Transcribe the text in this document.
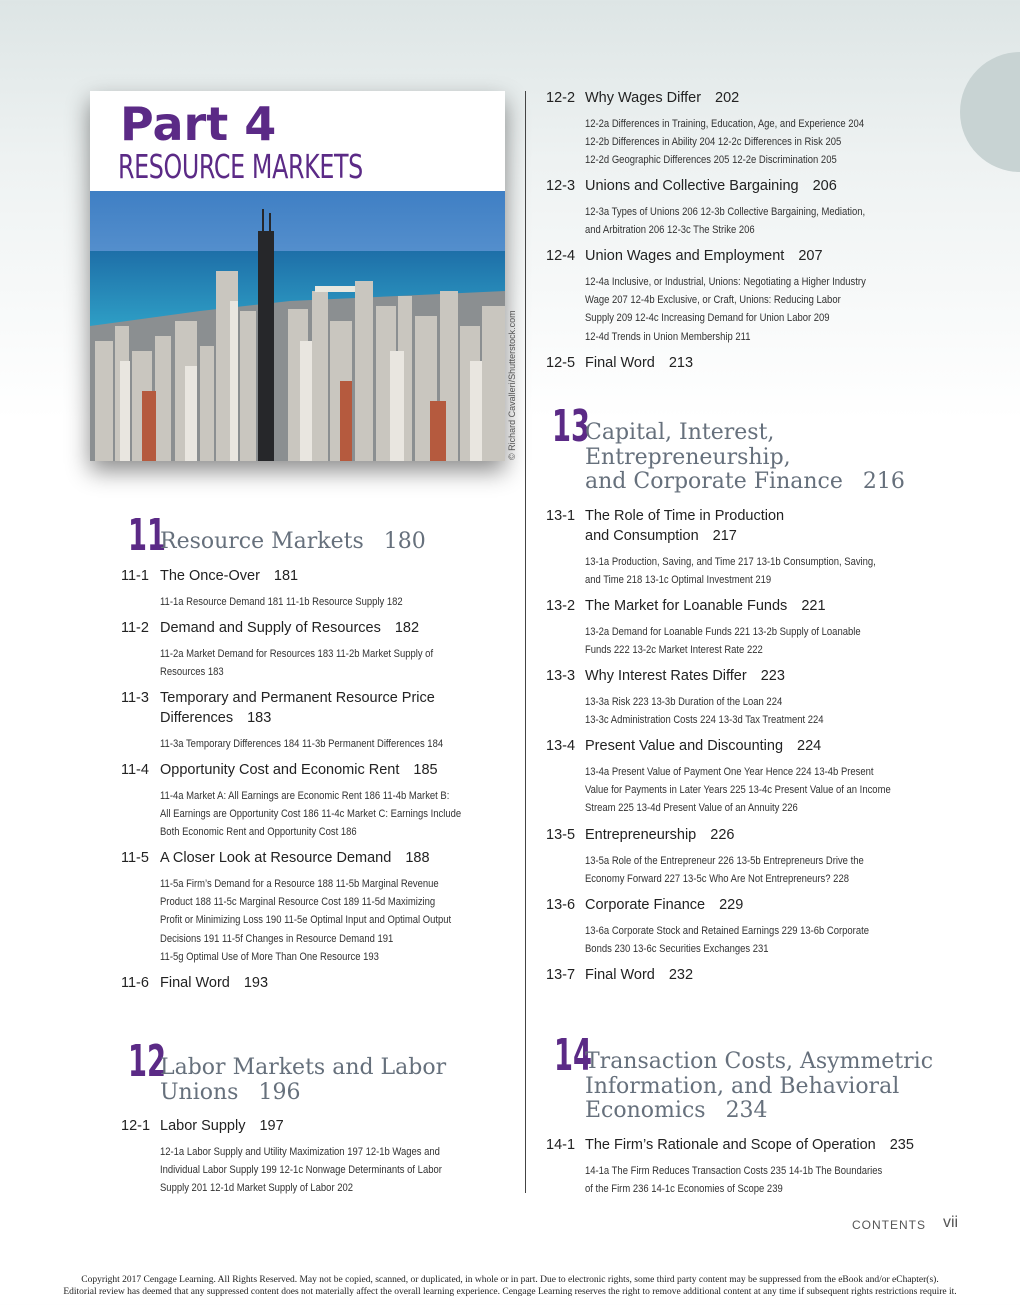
Part 4
RESOURCE MARKETS
© Richard Cavalleri/Shutterstock.com
11
Resource Markets 180
11-1 The Once-Over 181
11-1a Resource Demand 181 11-1b Resource Supply 182
11-2 Demand and Supply of Resources 182
11-2a Market Demand for Resources 183 11-2b Market Supply of
Resources 183
11-3 Temporary and Permanent Resource Price
Differences 183
11-3a Temporary Differences 184 11-3b Permanent Differences 184
11-4 Opportunity Cost and Economic Rent 185
11-4a Market A: All Earnings are Economic Rent 186 11-4b Market B:
All Earnings are Opportunity Cost 186 11-4c Market C: Earnings Include
Both Economic Rent and Opportunity Cost 186
11-5 A Closer Look at Resource Demand 188
11-5a Firm’s Demand for a Resource 188 11-5b Marginal Revenue
Product 188 11-5c Marginal Resource Cost 189 11-5d Maximizing
Profit or Minimizing Loss 190 11-5e Optimal Input and Optimal Output
Decisions 191 11-5f Changes in Resource Demand 191
11-5g Optimal Use of More Than One Resource 193
11-6 Final Word 193
12
Labor Markets and Labor
Unions 196
12-1 Labor Supply 197
12-1a Labor Supply and Utility Maximization 197 12-1b Wages and
Individual Labor Supply 199 12-1c Nonwage Determinants of Labor
Supply 201 12-1d Market Supply of Labor 202
12-2 Why Wages Differ 202
12-2a Differences in Training, Education, Age, and Experience 204
12-2b Differences in Ability 204 12-2c Differences in Risk 205
12-2d Geographic Differences 205 12-2e Discrimination 205
12-3 Unions and Collective Bargaining 206
12-3a Types of Unions 206 12-3b Collective Bargaining, Mediation,
and Arbitration 206 12-3c The Strike 206
12-4 Union Wages and Employment 207
12-4a Inclusive, or Industrial, Unions: Negotiating a Higher Industry
Wage 207 12-4b Exclusive, or Craft, Unions: Reducing Labor
Supply 209 12-4c Increasing Demand for Union Labor 209
12-4d Trends in Union Membership 211
12-5 Final Word 213
13
Capital, Interest,
Entrepreneurship,
and Corporate Finance 216
13-1 The Role of Time in Production
and Consumption 217
13-1a Production, Saving, and Time 217 13-1b Consumption, Saving,
and Time 218 13-1c Optimal Investment 219
13-2 The Market for Loanable Funds 221
13-2a Demand for Loanable Funds 221 13-2b Supply of Loanable
Funds 222 13-2c Market Interest Rate 222
13-3 Why Interest Rates Differ 223
13-3a Risk 223 13-3b Duration of the Loan 224
13-3c Administration Costs 224 13-3d Tax Treatment 224
13-4 Present Value and Discounting 224
13-4a Present Value of Payment One Year Hence 224 13-4b Present
Value for Payments in Later Years 225 13-4c Present Value of an Income
Stream 225 13-4d Present Value of an Annuity 226
13-5 Entrepreneurship 226
13-5a Role of the Entrepreneur 226 13-5b Entrepreneurs Drive the
Economy Forward 227 13-5c Who Are Not Entrepreneurs? 228
13-6 Corporate Finance 229
13-6a Corporate Stock and Retained Earnings 229 13-6b Corporate
Bonds 230 13-6c Securities Exchanges 231
13-7 Final Word 232
14
Transaction Costs, Asymmetric
Information, and Behavioral
Economics 234
14-1 The Firm’s Rationale and Scope of Operation 235
14-1a The Firm Reduces Transaction Costs 235 14-1b The Boundaries
of the Firm 236 14-1c Economies of Scope 239
CONTENTS vii
Copyright 2017 Cengage Learning. All Rights Reserved. May not be copied, scanned, or duplicated, in whole or in part. Due to electronic rights, some third party content may be suppressed from the eBook and/or eChapter(s).
Editorial review has deemed that any suppressed content does not materially affect the overall learning experience. Cengage Learning reserves the right to remove additional content at any time if subsequent rights restrictions require it.
